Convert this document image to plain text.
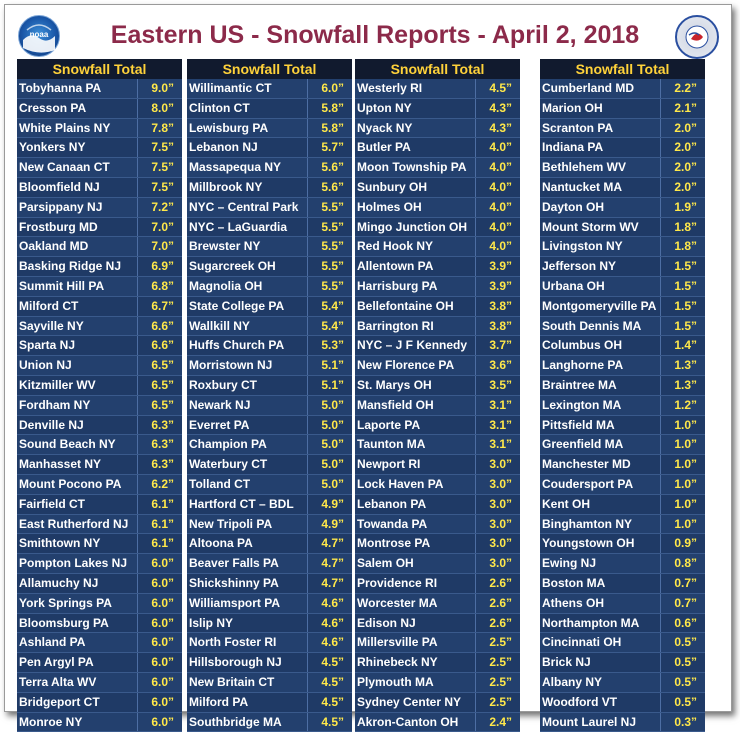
noaa	Eastern US - Snowfall Reports - April 2, 2018
Snowfall Total
Tobyhanna PA	9.0”
Cresson PA	8.0”
White Plains NY	7.8”
Yonkers NY	7.5”
New Canaan CT	7.5”
Bloomfield NJ	7.5”
Parsippany NJ	7.2”
Frostburg MD	7.0”
Oakland MD	7.0”
Basking Ridge NJ	6.9”
Summit Hill PA	6.8”
Milford CT	6.7”
Sayville NY	6.6”
Sparta NJ	6.6”
Union NJ	6.5”
Kitzmiller WV	6.5”
Fordham NY	6.5”
Denville NJ	6.3”
Sound Beach NY	6.3”
Manhasset NY	6.3”
Mount Pocono PA	6.2”
Fairfield CT	6.1”
East Rutherford NJ	6.1”
Smithtown NY	6.1”
Pompton Lakes NJ	6.0”
Allamuchy NJ	6.0”
York Springs PA	6.0”
Bloomsburg PA	6.0”
Ashland PA	6.0”
Pen Argyl PA	6.0”
Terra Alta WV	6.0”
Bridgeport CT	6.0”
Monroe NY	6.0”
Snowfall Total
Willimantic CT	6.0”
Clinton CT	5.8”
Lewisburg PA	5.8”
Lebanon NJ	5.7”
Massapequa NY	5.6”
Millbrook NY	5.6”
NYC – Central Park	5.5”
NYC – LaGuardia	5.5”
Brewster NY	5.5”
Sugarcreek OH	5.5”
Magnolia OH	5.5”
State College PA	5.4”
Wallkill NY	5.4”
Huffs Church PA	5.3”
Morristown NJ	5.1”
Roxbury CT	5.1”
Newark NJ	5.0”
Everret PA	5.0”
Champion PA	5.0”
Waterbury CT	5.0”
Tolland CT	5.0”
Hartford CT – BDL	4.9”
New Tripoli PA	4.9”
Altoona PA	4.7”
Beaver Falls PA	4.7”
Shickshinny PA	4.7”
Williamsport PA	4.6”
Islip NY	4.6”
North Foster RI	4.6”
Hillsborough NJ	4.5”
New Britain CT	4.5”
Milford PA	4.5”
Southbridge MA	4.5”
Snowfall Total
Westerly RI	4.5”
Upton NY	4.3”
Nyack NY	4.3”
Butler PA	4.0”
Moon Township PA	4.0”
Sunbury OH	4.0”
Holmes OH	4.0”
Mingo Junction OH	4.0”
Red Hook NY	4.0”
Allentown PA	3.9”
Harrisburg PA	3.9”
Bellefontaine OH	3.8”
Barrington RI	3.8”
NYC – J F Kennedy	3.7”
New Florence PA	3.6”
St. Marys OH	3.5”
Mansfield OH	3.1”
Laporte PA	3.1”
Taunton MA	3.1”
Newport RI	3.0”
Lock Haven PA	3.0”
Lebanon PA	3.0”
Towanda PA	3.0”
Montrose PA	3.0”
Salem OH	3.0”
Providence RI	2.6”
Worcester MA	2.6”
Edison NJ	2.6”
Millersville PA	2.5”
Rhinebeck NY	2.5”
Plymouth MA	2.5”
Sydney Center NY	2.5”
Akron-Canton OH	2.4”
Snowfall Total
Cumberland MD	2.2”
Marion OH	2.1”
Scranton PA	2.0”
Indiana PA	2.0”
Bethlehem WV	2.0”
Nantucket MA	2.0”
Dayton OH	1.9”
Mount Storm WV	1.8”
Livingston NY	1.8”
Jefferson NY	1.5”
Urbana OH	1.5”
Montgomeryville PA	1.5”
South Dennis MA	1.5”
Columbus OH	1.4”
Langhorne PA	1.3”
Braintree MA	1.3”
Lexington MA	1.2”
Pittsfield MA	1.0”
Greenfield MA	1.0”
Manchester MD	1.0”
Coudersport PA	1.0”
Kent OH	1.0”
Binghamton NY	1.0”
Youngstown OH	0.9”
Ewing NJ	0.8”
Boston MA	0.7”
Athens OH	0.7”
Northampton MA	0.6”
Cincinnati OH	0.5”
Brick NJ	0.5”
Albany NY	0.5”
Woodford VT	0.5”
Mount Laurel NJ	0.3”
